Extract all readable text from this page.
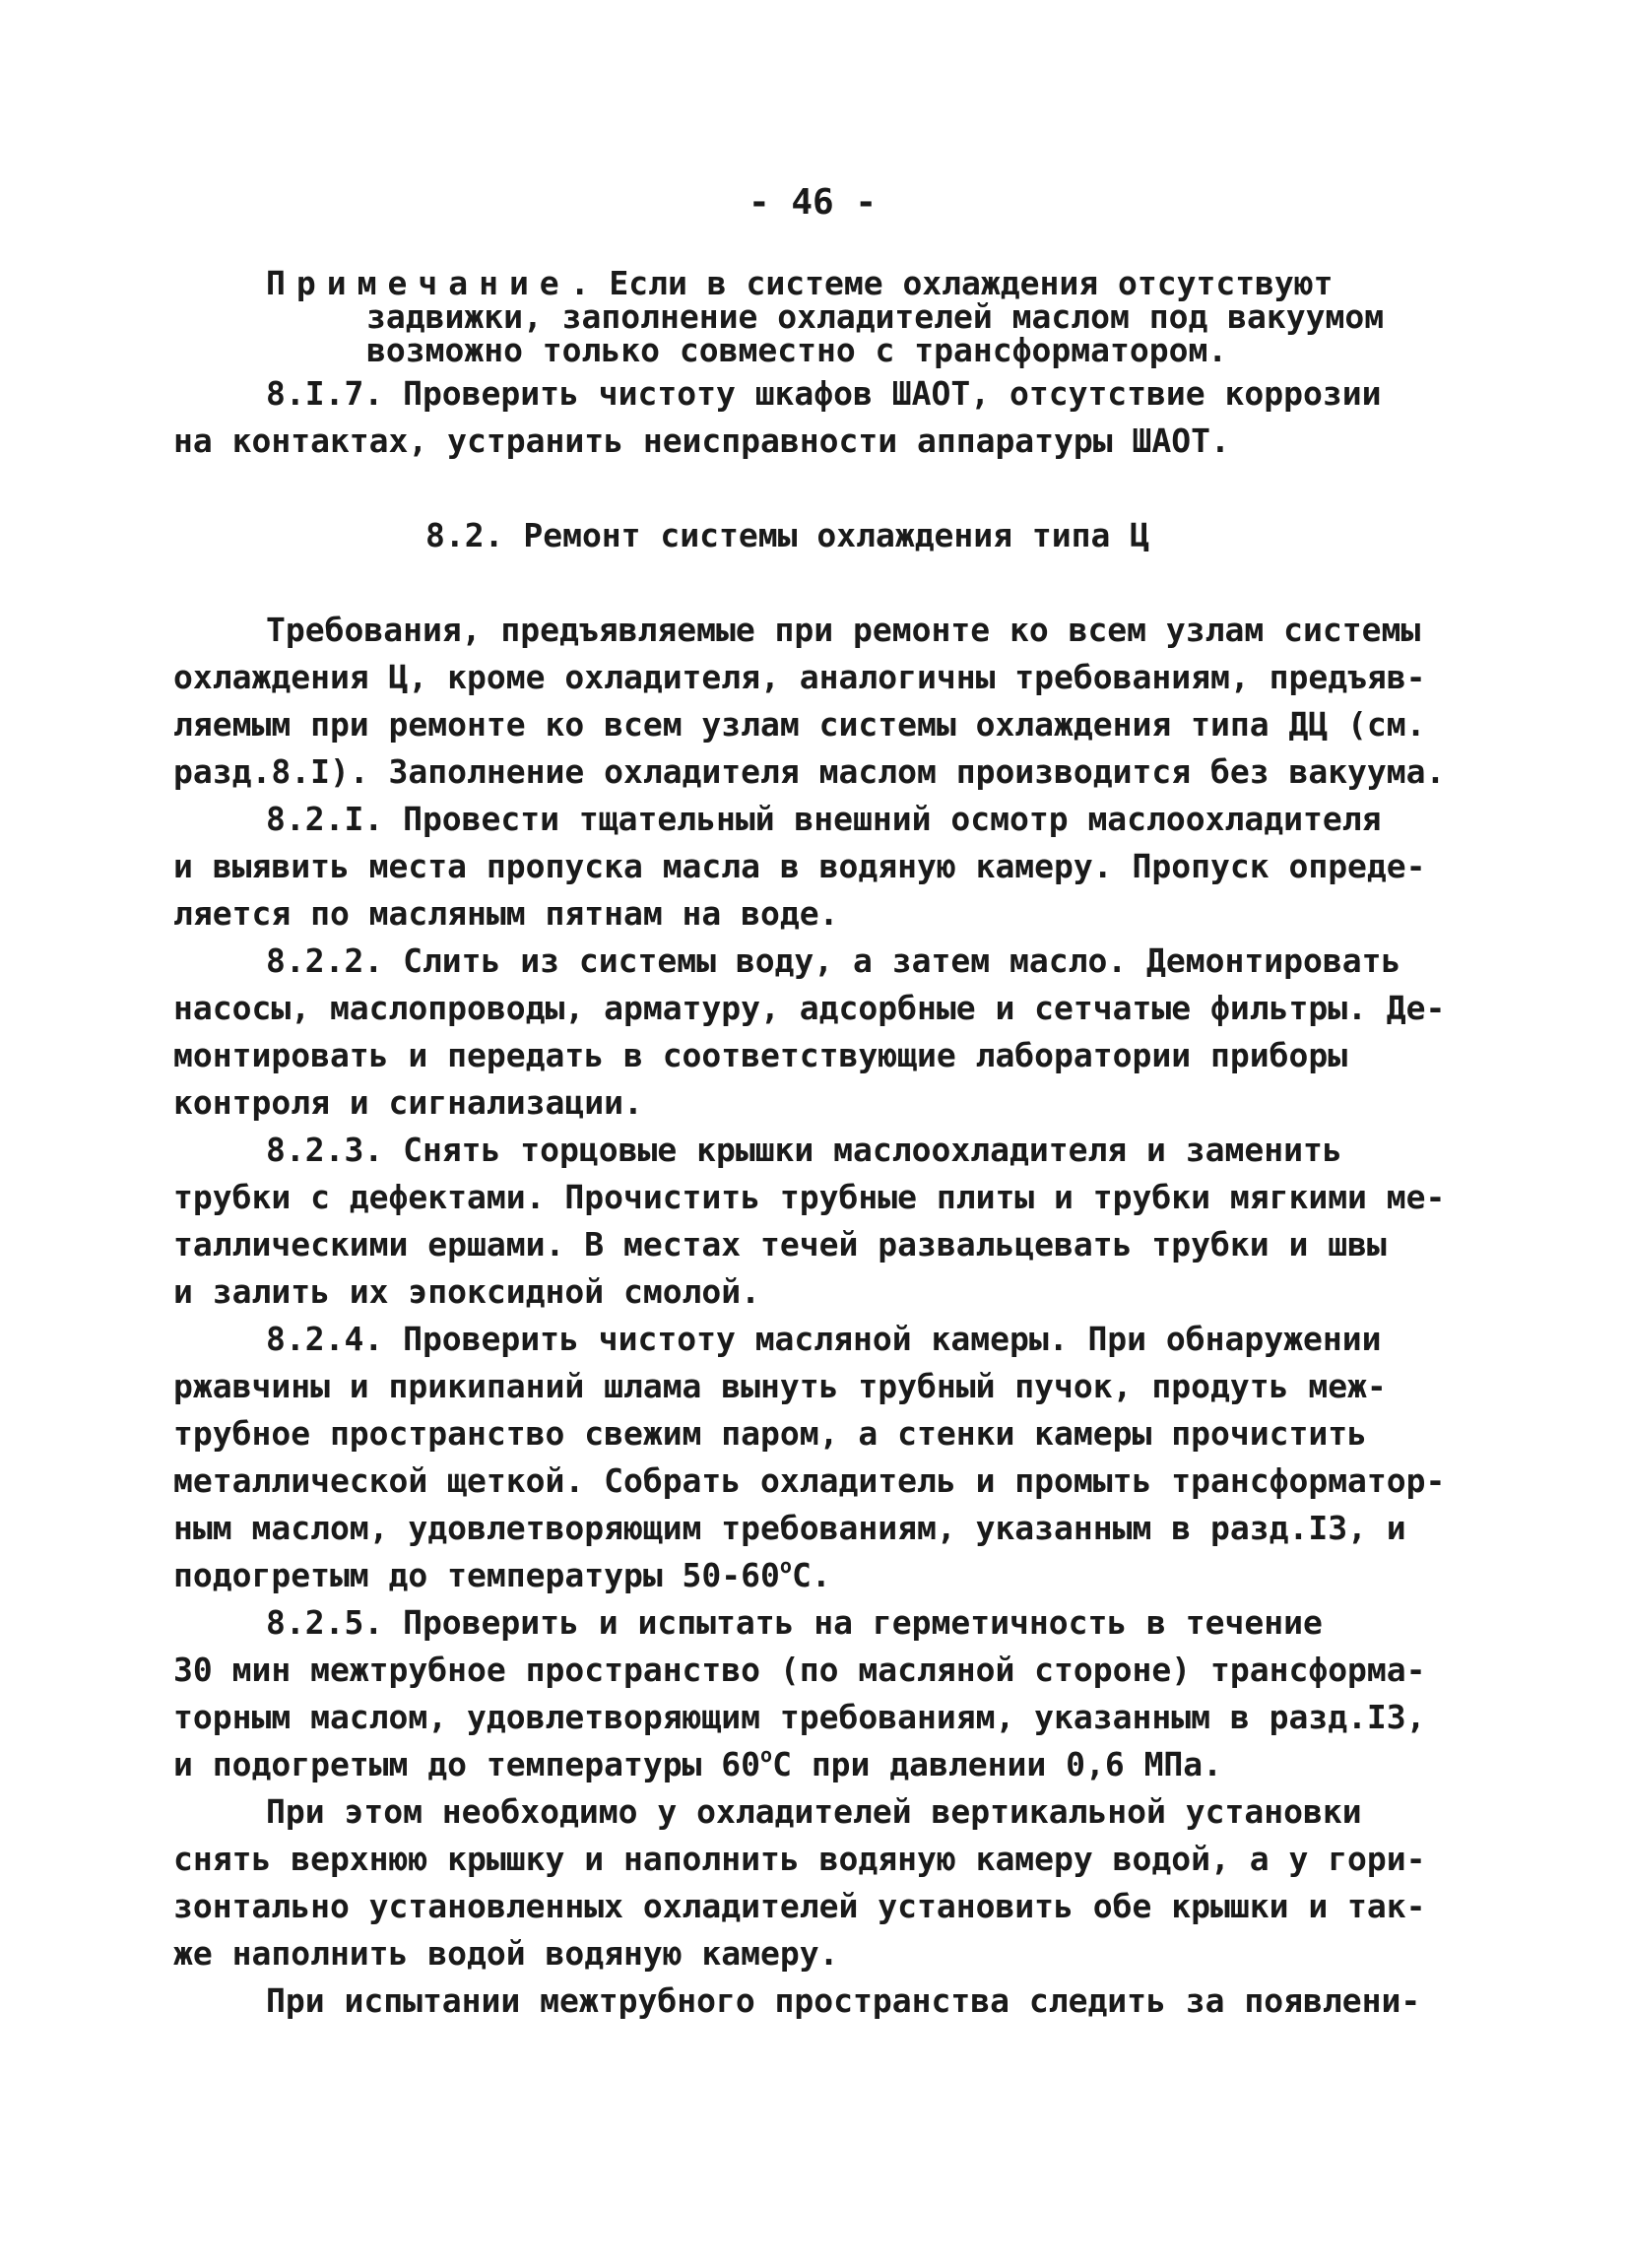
- 46 -
Примечание. Если в системе охлаждения отсутствуют
задвижки, заполнение охладителей маслом под вакуумом
возможно только совместно с трансформатором.
8.I.7. Проверить чистоту шкафов ШАОТ, отсутствие коррозии
на контактах, устранить неисправности аппаратуры ШАОТ.
8.2. Ремонт системы охлаждения типа Ц
Требования, предъявляемые при ремонте ко всем узлам системы
охлаждения Ц, кроме охладителя, аналогичны требованиям, предъяв-
ляемым при ремонте ко всем узлам системы охлаждения типа ДЦ (см.
разд.8.I). Заполнение охладителя маслом производится без вакуума.
8.2.I. Провести тщательный внешний осмотр маслоохладителя
и выявить места пропуска масла в водяную камеру. Пропуск опреде-
ляется по масляным пятнам на воде.
8.2.2. Слить из системы воду, а затем масло. Демонтировать
насосы, маслопроводы, арматуру, адсорбные и сетчатые фильтры. Де-
монтировать и передать в соответствующие лаборатории приборы
контроля и сигнализации.
8.2.3. Снять торцовые крышки маслоохладителя и заменить
трубки с дефектами. Прочистить трубные плиты и трубки мягкими ме-
таллическими ершами. В местах течей развальцевать трубки и швы
и залить их эпоксидной смолой.
8.2.4. Проверить чистоту масляной камеры. При обнаружении
ржавчины и прикипаний шлама вынуть трубный пучок, продуть меж-
трубное пространство свежим паром, а стенки камеры прочистить
металлической щеткой. Собрать охладитель и промыть трансформатор-
ным маслом, удовлетворяющим требованиям, указанным в разд.I3, и
подогретым до температуры $50-60^оС$.
8.2.5. Проверить и испытать на герметичность в течение
30 мин межтрубное пространство (по масляной стороне) трансформа-
торным маслом, удовлетворяющим требованиям, указанным в разд.I3,
и подогретым до температуры $60^оС$ при давлении 0,6 МПа.
При этом необходимо у охладителей вертикальной установки
снять верхнюю крышку и наполнить водяную камеру водой, а у гори-
зонтально установленных охладителей установить обе крышки и так-
же наполнить водой водяную камеру.
При испытании межтрубного пространства следить за появлени-
